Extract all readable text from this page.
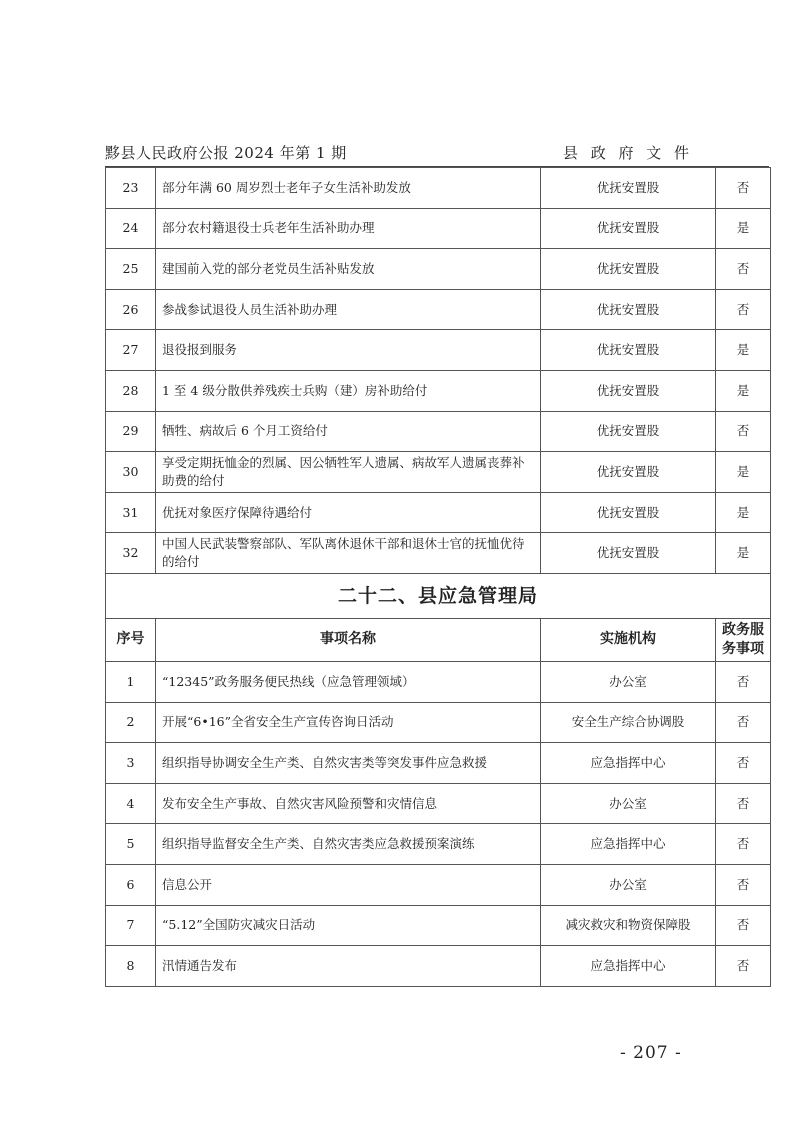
黟县人民政府公报 2024 年第 1 期	县 政 府 文 件
23	部分年满 60 周岁烈士老年子女生活补助发放	优抚安置股	否
24	部分农村籍退役士兵老年生活补助办理	优抚安置股	是
25	建国前入党的部分老党员生活补贴发放	优抚安置股	否
26	参战参试退役人员生活补助办理	优抚安置股	否
27	退役报到服务	优抚安置股	是
28	1 至 4 级分散供养残疾士兵购（建）房补助给付	优抚安置股	是
29	牺牲、病故后 6 个月工资给付	优抚安置股	否
30	享受定期抚恤金的烈属、因公牺牲军人遗属、病故军人遗属丧葬补助费的给付	优抚安置股	是
31	优抚对象医疗保障待遇给付	优抚安置股	是
32	中国人民武装警察部队、军队离休退休干部和退休士官的抚恤优待的给付	优抚安置股	是
二十二、县应急管理局			
序号	事项名称	实施机构	政务服
务事项

1	“12345”政务服务便民热线（应急管理领域）	办公室	否
2	开展“6•16”全省安全生产宣传咨询日活动	安全生产综合协调股	否
3	组织指导协调安全生产类、自然灾害类等突发事件应急救援	应急指挥中心	否
4	发布安全生产事故、自然灾害风险预警和灾情信息	办公室	否
5	组织指导监督安全生产类、自然灾害类应急救援预案演练	应急指挥中心	否
6	信息公开	办公室	否
7	“5.12”全国防灾减灾日活动	减灾救灾和物资保障股	否
8	汛情通告发布	应急指挥中心	否
- 207 -
